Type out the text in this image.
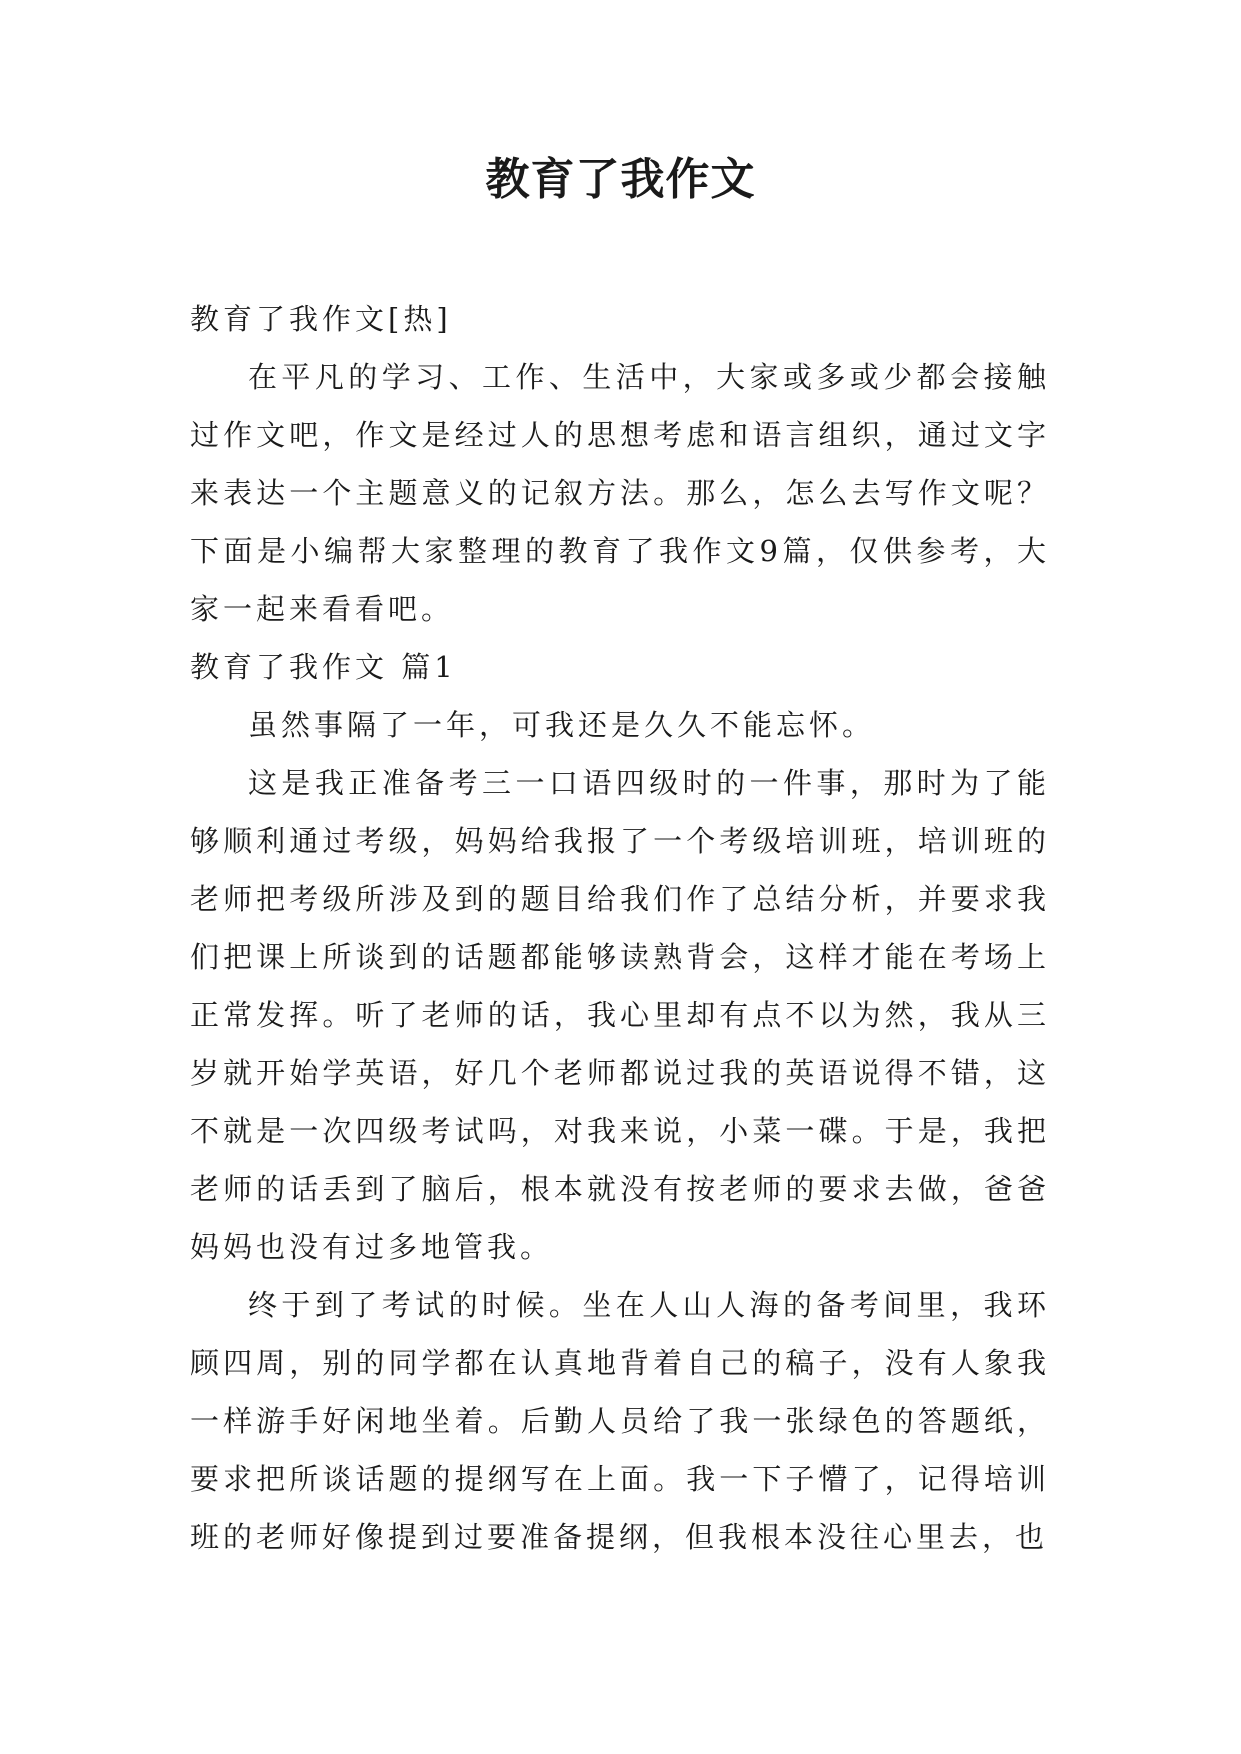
教育了我作文

教育了我作文[热]

在平凡的学习、工作、生活中，大家或多或少都会接触过作文吧，作文是经过人的思想考虑和语言组织，通过文字来表达一个主题意义的记叙方法。那么，怎么去写作文呢？下面是小编帮大家整理的教育了我作文9篇，仅供参考，大家一起来看看吧。

教育了我作文 篇1

虽然事隔了一年，可我还是久久不能忘怀。

这是我正准备考三一口语四级时的一件事，那时为了能够顺利通过考级，妈妈给我报了一个考级培训班，培训班的老师把考级所涉及到的题目给我们作了总结分析，并要求我们把课上所谈到的话题都能够读熟背会，这样才能在考场上正常发挥。听了老师的话，我心里却有点不以为然，我从三岁就开始学英语，好几个老师都说过我的英语说得不错，这不就是一次四级考试吗，对我来说，小菜一碟。于是，我把老师的话丢到了脑后，根本就没有按老师的要求去做，爸爸妈妈也没有过多地管我。

终于到了考试的时候。坐在人山人海的备考间里，我环顾四周，别的同学都在认真地背着自己的稿子，没有人象我一样游手好闲地坐着。后勤人员给了我一张绿色的答题纸，要求把所谈话题的提纲写在上面。我一下子懵了，记得培训班的老师好像提到过要准备提纲，但我根本没往心里去，也
